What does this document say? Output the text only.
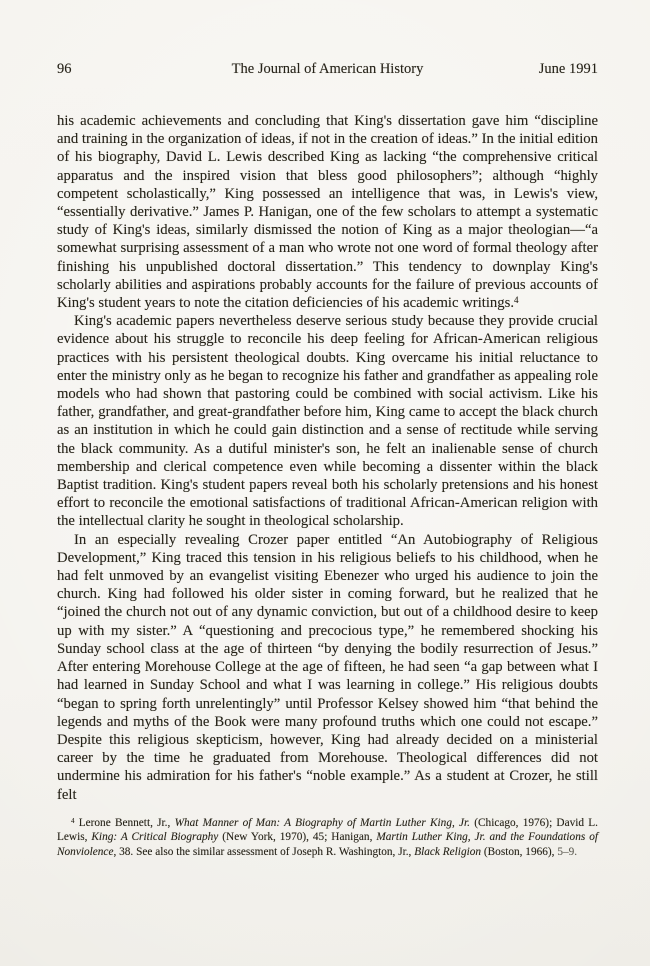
96	The Journal of American History	June 1991

his academic achievements and concluding that King's dissertation gave him “discipline and training in the organization of ideas, if not in the creation of ideas.” In the initial edition of his biography, David L. Lewis described King as lacking “the comprehensive critical apparatus and the inspired vision that bless good philosophers”; although “highly competent scholastically,” King possessed an intelligence that was, in Lewis's view, “essentially derivative.” James P. Hanigan, one of the few scholars to attempt a systematic study of King's ideas, similarly dismissed the notion of King as a major theologian—“a somewhat surprising assessment of a man who wrote not one word of formal theology after finishing his unpublished doctoral dissertation.” This tendency to downplay King's scholarly abilities and aspirations probably accounts for the failure of previous accounts of King's student years to note the citation deficiencies of his academic writings.$^4$

King's academic papers nevertheless deserve serious study because they provide crucial evidence about his struggle to reconcile his deep feeling for African-American religious practices with his persistent theological doubts. King overcame his initial reluctance to enter the ministry only as he began to recognize his father and grandfather as appealing role models who had shown that pastoring could be combined with social activism. Like his father, grandfather, and great-grandfather before him, King came to accept the black church as an institution in which he could gain distinction and a sense of rectitude while serving the black community. As a dutiful minister's son, he felt an inalienable sense of church membership and clerical competence even while becoming a dissenter within the black Baptist tradition. King's student papers reveal both his scholarly pretensions and his honest effort to reconcile the emotional satisfactions of traditional African-American religion with the intellectual clarity he sought in theological scholarship.

In an especially revealing Crozer paper entitled “An Autobiography of Religious Development,” King traced this tension in his religious beliefs to his childhood, when he had felt unmoved by an evangelist visiting Ebenezer who urged his audience to join the church. King had followed his older sister in coming forward, but he realized that he “joined the church not out of any dynamic conviction, but out of a childhood desire to keep up with my sister.” A “questioning and precocious type,” he remembered shocking his Sunday school class at the age of thirteen “by denying the bodily resurrection of Jesus.” After entering Morehouse College at the age of fifteen, he had seen “a gap between what I had learned in Sunday School and what I was learning in college.” His religious doubts “began to spring forth unrelentingly” until Professor Kelsey showed him “that behind the legends and myths of the Book were many profound truths which one could not escape.” Despite this religious skepticism, however, King had already decided on a ministerial career by the time he graduated from Morehouse. Theological differences did not undermine his admiration for his father's “noble example.” As a student at Crozer, he still felt

$^4$ Lerone Bennett, Jr., What Manner of Man: A Biography of Martin Luther King, Jr. (Chicago, 1976); David L. Lewis, King: A Critical Biography (New York, 1970), 45; Hanigan, Martin Luther King, Jr. and the Foundations of Nonviolence, 38. See also the similar assessment of Joseph R. Washington, Jr., Black Religion (Boston, 1966), 5–9.
